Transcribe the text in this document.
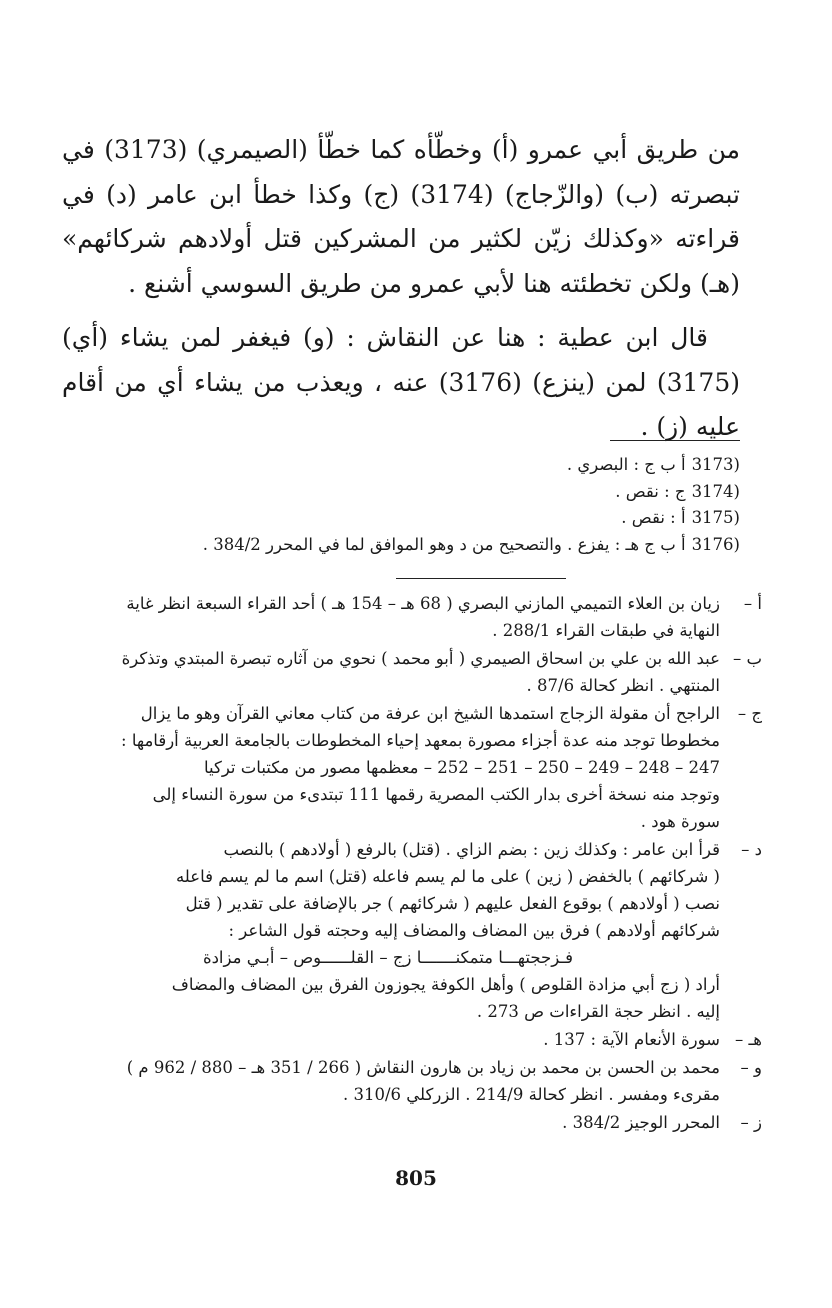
من طريق أبي عمرو (أ) وخطّأه كما خطّأ (الصيمري) (3173) في تبصرته (ب) (والزّجاج) (3174) (ج) وكذا خطأ ابن عامر (د) في قراءته «وكذلك زيّن لكثير من المشركين قتل أولادهم شركائهم» (هـ) ولكن تخطئته هنا لأبي عمرو من طريق السوسي أشنع .

قال ابن عطية : هنا عن النقاش : (و) فيغفر لمن يشاء (أي) (3175) لمن (ينزع) (3176) عنه ، ويعذب من يشاء أي من أقام عليه (ز) .

3173)
أ ب ج : البصري .
3174)
ج : نقص .
3175)
أ : نقص .
3176)
أ ب ج هـ : يفزع . والتصحيح من د وهو الموافق لما في المحرر 384/2 .
أ –
زيان بن العلاء التميمي المازني البصري ( 68 هـ – 154 هـ ) أحد القراء السبعة انظر غاية
النهاية في طبقات القراء 288/1 .
ب –
عبد الله بن علي بن اسحاق الصيمري ( أبو محمد ) نحوي من آثاره تبصرة المبتدي وتذكرة
المنتهي . انظر كحالة 87/6 .
ج –
الراجح أن مقولة الزجاج استمدها الشيخ ابن عرفة من كتاب معاني القرآن وهو ما يزال
مخطوطا توجد منه عدة أجزاء مصورة بمعهد إحياء المخطوطات بالجامعة العربية أرقامها :
247 – 248 – 249 – 250 – 251 – 252 – معظمها مصور من مكتبات تركيا
وتوجد منه نسخة أخرى بدار الكتب المصرية رقمها 111 تبتدىء من سورة النساء إلى
سورة هود .
د –
قرأ ابن عامر : وكذلك زين : بضم الزاي . (قتل) بالرفع ( أولادهم ) بالنصب
( شركائهم ) بالخفض ( زين ) على ما لم يسم فاعله (قتل) اسم ما لم يسم فاعله
نصب ( أولادهم ) بوقوع الفعل عليهم ( شركائهم ) جر بالإضافة على تقدير ( قتل
شركائهم أولادهم ) فرق بين المضاف والمضاف إليه وحجته قول الشاعر :
فـزججتهـــا متمكنـــــــا زج – القلــــــوص – أبـي مزادة
أراد ( زج أبي مزادة القلوص ) وأهل الكوفة يجوزون الفرق بين المضاف والمضاف
إليه . انظر حجة القراءات ص 273 .
هـ –
سورة الأنعام الآية : 137 .
و –
محمد بن الحسن بن محمد بن زياد بن هارون النقاش ( 266 / 351 هـ – 880 / 962 م )
مقرىء ومفسر . انظر كحالة 214/9 . الزركلي 310/6 .
ز –
المحرر الوجيز 384/2 .
805
